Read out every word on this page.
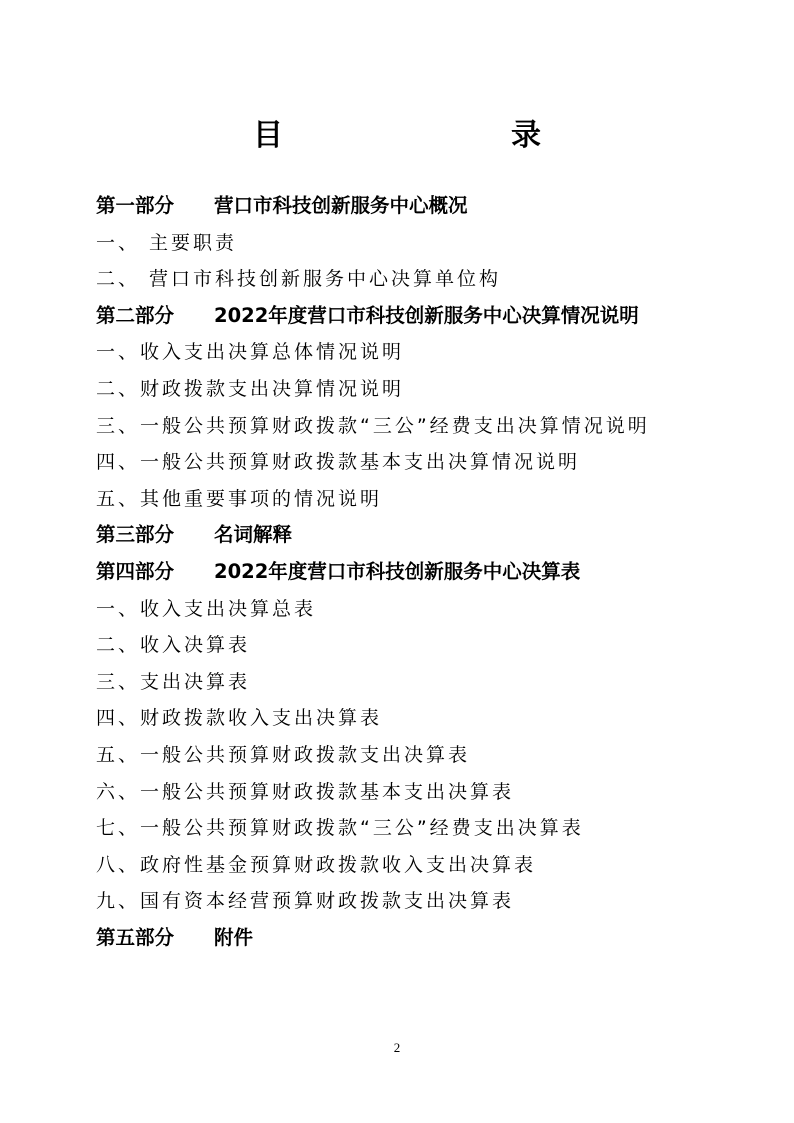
目　　录
第一部分 营口市科技创新服务中心概况
一、 主要职责
二、 营口市科技创新服务中心决算单位构
第二部分 2022年度营口市科技创新服务中心决算情况说明
一、收入支出决算总体情况说明
二、财政拨款支出决算情况说明
三、一般公共预算财政拨款“三公”经费支出决算情况说明
四、一般公共预算财政拨款基本支出决算情况说明
五、其他重要事项的情况说明
第三部分 名词解释
第四部分 2022年度营口市科技创新服务中心决算表
一、收入支出决算总表
二、收入决算表
三、支出决算表
四、财政拨款收入支出决算表
五、一般公共预算财政拨款支出决算表
六、一般公共预算财政拨款基本支出决算表
七、一般公共预算财政拨款“三公”经费支出决算表
八、政府性基金预算财政拨款收入支出决算表
九、国有资本经营预算财政拨款支出决算表
第五部分 附件
2
